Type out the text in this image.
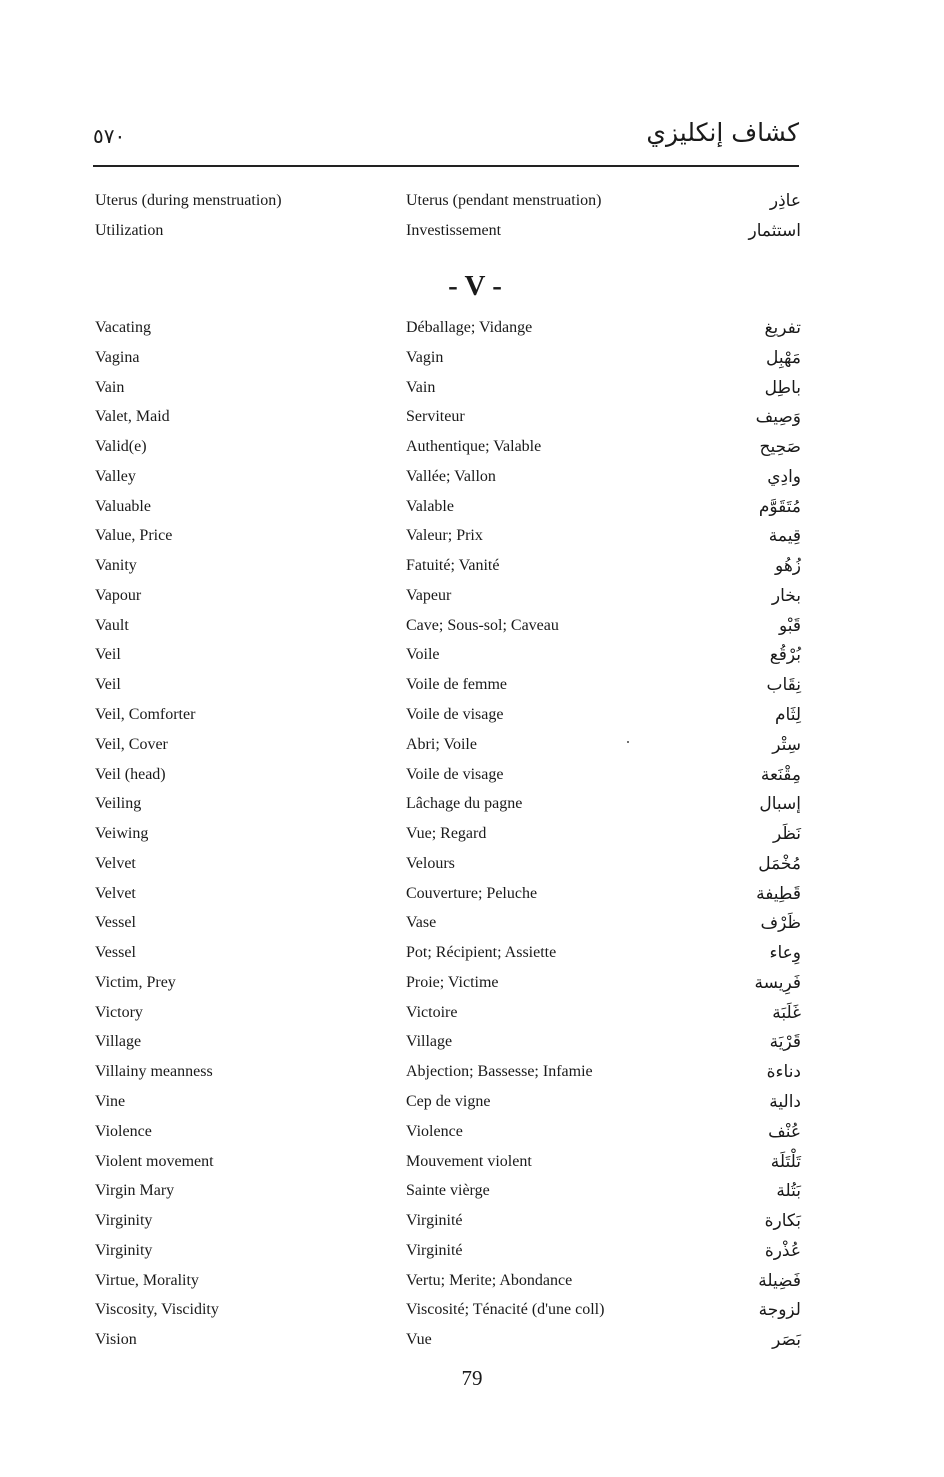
٥٧٠	كشاف إنكليزي
Uterus (during menstruation)	Uterus (pendant menstruation)	عاذِر
Utilization	Investissement	استثمار
Vacating	Déballage; Vidange	تفريغ
Vagina	Vagin	مَهْبِل
Vain	Vain	باطِل
Valet, Maid	Serviteur	وَصِيف
Valid(e)	Authentique; Valable	صَحِيح
Valley	Vallée; Vallon	وادِي
Valuable	Valable	مُتَقَوَّم
Value, Price	Valeur; Prix	قِيمة
Vanity	Fatuité; Vanité	زُهُو
Vapour	Vapeur	بخار
Vault	Cave; Sous-sol; Caveau	قَبْو
Veil	Voile	بُرْقُع
Veil	Voile de femme	نِقَاب
Veil, Comforter	Voile de visage	لِثَام
Veil, Cover	Abri; Voile	سِتْر
Veil (head)	Voile de visage	مِقْنَعة
Veiling	Lâchage du pagne	إسبال
Veiwing	Vue; Regard	نَظَر
Velvet	Velours	مُخْمَل
Velvet	Couverture; Peluche	قَطِيفة
Vessel	Vase	ظَرْف
Vessel	Pot; Récipient; Assiette	وِعاء
Victim, Prey	Proie; Victime	فَرِيسة
Victory	Victoire	غَلَبَة
Village	Village	قَرْيَة
Villainy meanness	Abjection; Bassesse; Infamie	دناءة
Vine	Cep de vigne	دالية
Violence	Violence	عُنْف
Violent movement	Mouvement violent	تَلْتَلَة
Virgin Mary	Sainte vièrge	بَتُلة
Virginity	Virginité	بَكارة
Virginity	Virginité	عُذْرة
Virtue, Morality	Vertu; Merite; Abondance	فَضِيلة
Viscosity, Viscidity	Viscosité; Ténacité (d'une coll)	لزوجة
Vision	Vue	بَصَر
- V -
79
